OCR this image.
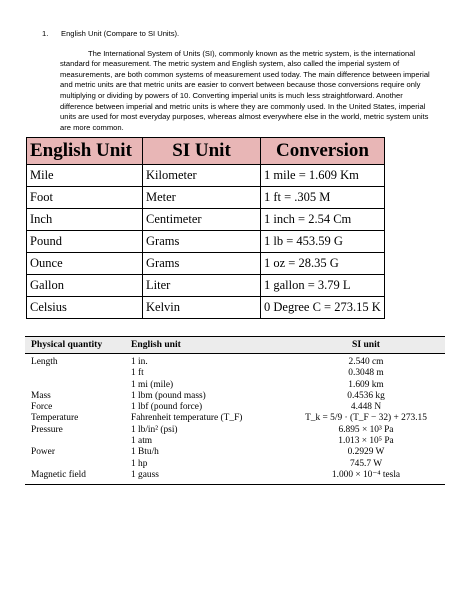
1. English Unit (Compare to SI Units).

The International System of Units (SI), commonly known as the metric system, is the international standard for measurement. The metric system and English system, also called the imperial system of measurements, are both common systems of measurement used today. The main difference between imperial and metric units are that metric units are easier to convert between because those conversions require only multiplying or dividing by powers of 10. Converting imperial units is much less straightforward. Another difference between imperial and metric units is where they are commonly used. In the United States, imperial units are used for most everyday purposes, whereas almost everywhere else in the world, metric system units are more common.

English Unit	SI Unit	Conversion
Mile	Kilometer	1 mile = 1.609 Km
Foot	Meter	1 ft = .305 M
Inch	Centimeter	1 inch = 2.54 Cm
Pound	Grams	1 lb = 453.59 G
Ounce	Grams	1 oz = 28.35 G
Gallon	Liter	1 gallon = 3.79 L
Celsius	Kelvin	0 Degree C = 273.15 K
Physical quantity	English unit	SI unit
Length	1 in.	2.540 cm
	1 ft	0.3048 m
	1 mi (mile)	1.609 km
Mass	1 lbm (pound mass)	0.4536 kg
Force	1 lbf (pound force)	4.448 N
Temperature	Fahrenheit temperature (T_F)	T_k = 5/9 · (T_F − 32) + 273.15
Pressure	1 lb/in² (psi)	6.895 × 10³ Pa
	1 atm	1.013 × 10⁵ Pa
Power	1 Btu/h	0.2929 W
	1 hp	745.7 W
Magnetic field	1 gauss	1.000 × 10⁻⁴ tesla
